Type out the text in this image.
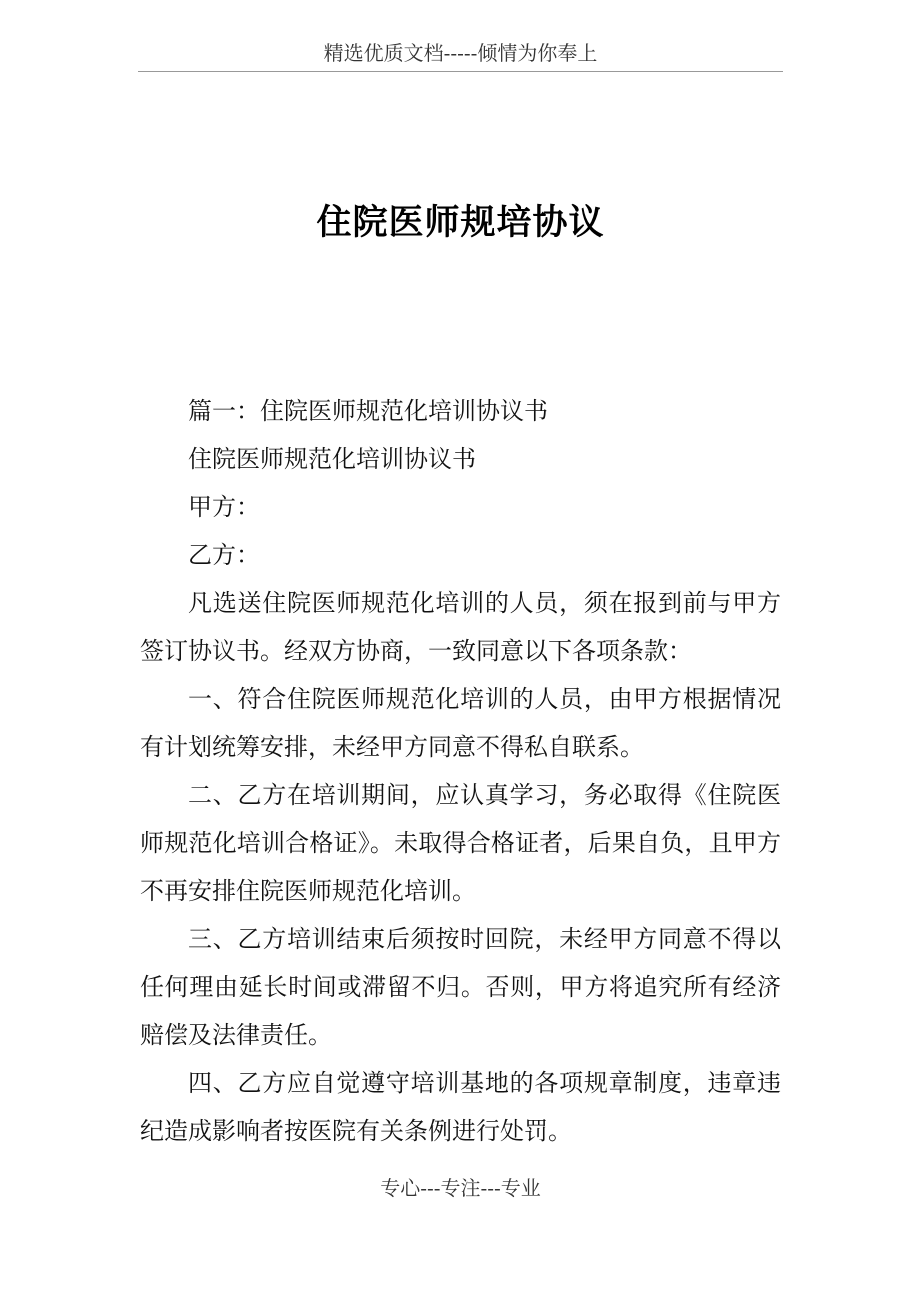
精选优质文档-----倾情为你奉上
住院医师规培协议

篇一：住院医师规范化培训协议书

住院医师规范化培训协议书

甲方：

乙方：

凡选送住院医师规范化培训的人员，须在报到前与甲方签订协议书。经双方协商，一致同意以下各项条款：

一、符合住院医师规范化培训的人员，由甲方根据情况有计划统筹安排，未经甲方同意不得私自联系。

二、乙方在培训期间，应认真学习，务必取得《住院医师规范化培训合格证》。未取得合格证者，后果自负，且甲方不再安排住院医师规范化培训。

三、乙方培训结束后须按时回院，未经甲方同意不得以任何理由延长时间或滞留不归。否则，甲方将追究所有经济赔偿及法律责任。

四、乙方应自觉遵守培训基地的各项规章制度，违章违纪造成影响者按医院有关条例进行处罚。

专心---专注---专业
